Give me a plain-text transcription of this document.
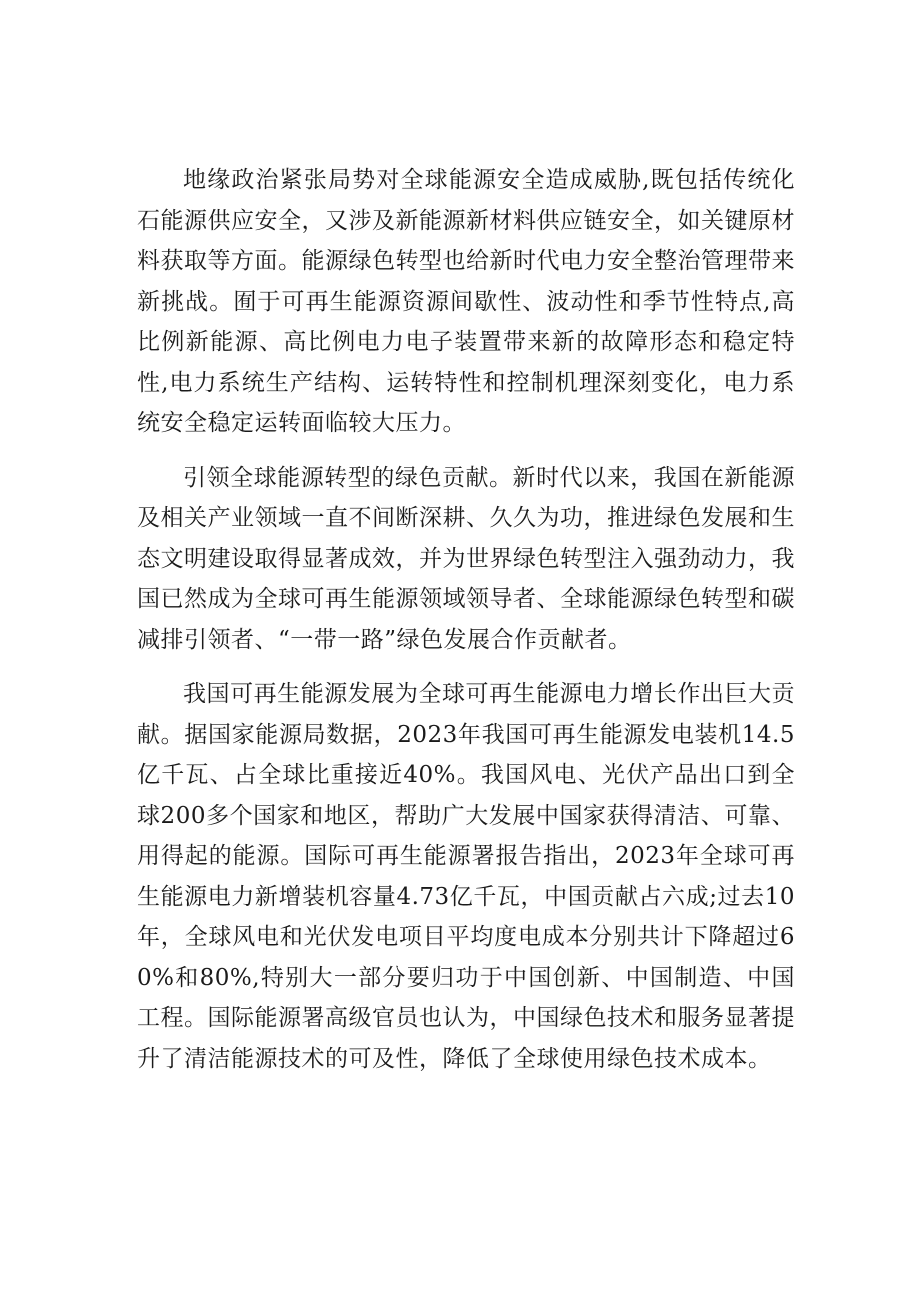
地缘政治紧张局势对全球能源安全造成威胁,既包括传统化石能源供应安全，又涉及新能源新材料供应链安全，如关键原材料获取等方面。能源绿色转型也给新时代电力安全整治管理带来新挑战。囿于可再生能源资源间歇性、波动性和季节性特点,高比例新能源、高比例电力电子装置带来新的故障形态和稳定特性,电力系统生产结构、运转特性和控制机理深刻变化，电力系统安全稳定运转面临较大压力。

引领全球能源转型的绿色贡献。新时代以来，我国在新能源及相关产业领域一直不间断深耕、久久为功，推进绿色发展和生态文明建设取得显著成效，并为世界绿色转型注入强劲动力，我国已然成为全球可再生能源领域领导者、全球能源绿色转型和碳减排引领者、“一带一路”绿色发展合作贡献者。

我国可再生能源发展为全球可再生能源电力增长作出巨大贡献。据国家能源局数据，2023年我国可再生能源发电装机14.5亿千瓦、占全球比重接近40%。我国风电、光伏产品出口到全球200多个国家和地区，帮助广大发展中国家获得清洁、可靠、用得起的能源。国际可再生能源署报告指出，2023年全球可再生能源电力新增装机容量4.73亿千瓦，中国贡献占六成;过去10年，全球风电和光伏发电项目平均度电成本分别共计下降超过60%和80%,特别大一部分要归功于中国创新、中国制造、中国工程。国际能源署高级官员也认为，中国绿色技术和服务显著提升了清洁能源技术的可及性，降低了全球使用绿色技术成本。
